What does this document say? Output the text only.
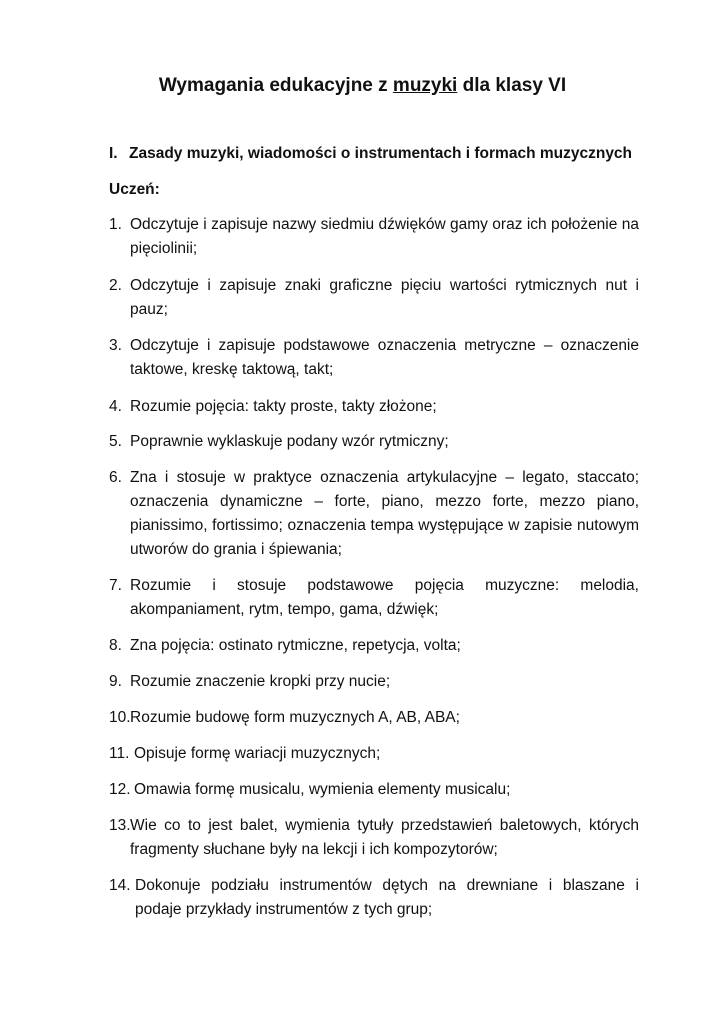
Wymagania edukacyjne z muzyki dla klasy VI
I. Zasady muzyki, wiadomości o instrumentach i formach muzycznych
Uczeń:
1. Odczytuje i zapisuje nazwy siedmiu dźwięków gamy oraz ich położenie na pięciolinii;
2. Odczytuje i zapisuje znaki graficzne pięciu wartości rytmicznych nut i pauz;
3. Odczytuje i zapisuje podstawowe oznaczenia metryczne – oznaczenie taktowe, kreskę taktową, takt;
4. Rozumie pojęcia: takty proste, takty złożone;
5. Poprawnie wyklaskuje podany wzór rytmiczny;
6. Zna i stosuje w praktyce oznaczenia artykulacyjne – legato, staccato; oznaczenia dynamiczne – forte, piano, mezzo forte, mezzo piano, pianissimo, fortissimo; oznaczenia tempa występujące w zapisie nutowym utworów do grania i śpiewania;
7. Rozumie i stosuje podstawowe pojęcia muzyczne: melodia, akompaniament, rytm, tempo, gama, dźwięk;
8. Zna pojęcia: ostinato rytmiczne, repetycja, volta;
9. Rozumie znaczenie kropki przy nucie;
10. Rozumie budowę form muzycznych A, AB, ABA;
11. Opisuje formę wariacji muzycznych;
12. Omawia formę musicalu, wymienia elementy musicalu;
13. Wie co to jest balet, wymienia tytuły przedstawień baletowych, których fragmenty słuchane były na lekcji i ich kompozytorów;
14. Dokonuje podziału instrumentów dętych na drewniane i blaszane i podaje przykłady instrumentów z tych grup;
